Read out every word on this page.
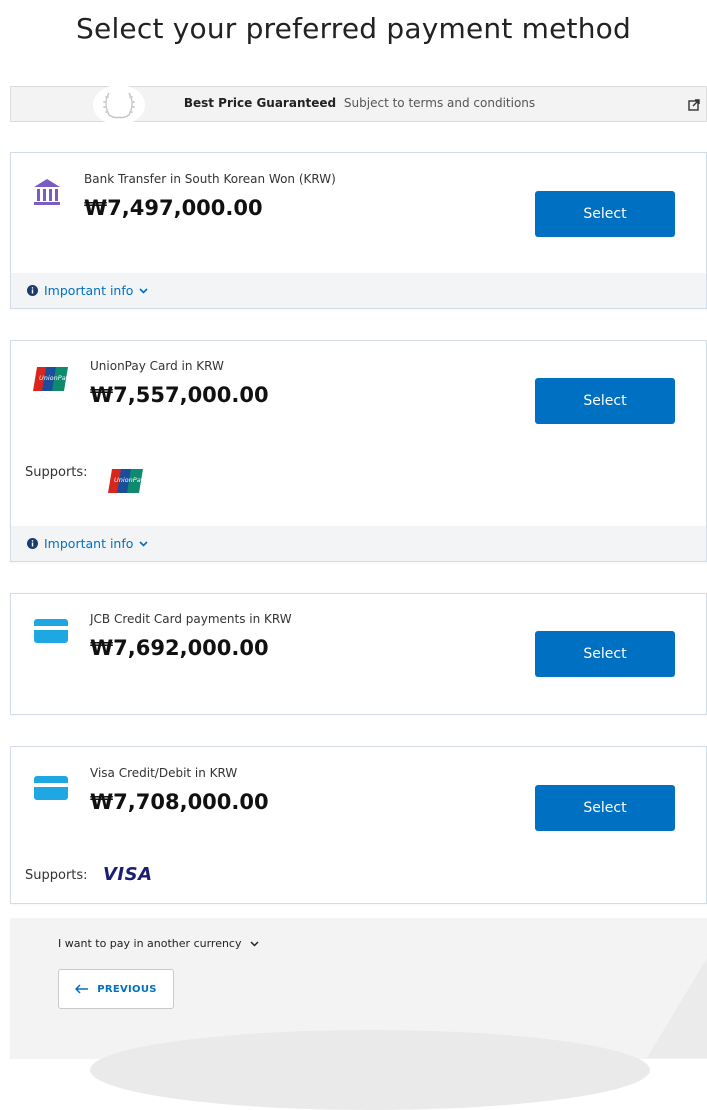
Select your preferred payment method
Best Price Guaranteed Subject to terms and conditions
Bank Transfer in South Korean Won (KRW)
₩7,497,000.00	Select
Important info
UnionPay
UnionPay Card in KRW
₩7,557,000.00	Select
Supports:	UnionPay
Important info
JCB Credit Card payments in KRW
₩7,692,000.00	Select
Visa Credit/Debit in KRW
₩7,708,000.00	Select
Supports: VISA
I want to pay in another currency
PREVIOUS
